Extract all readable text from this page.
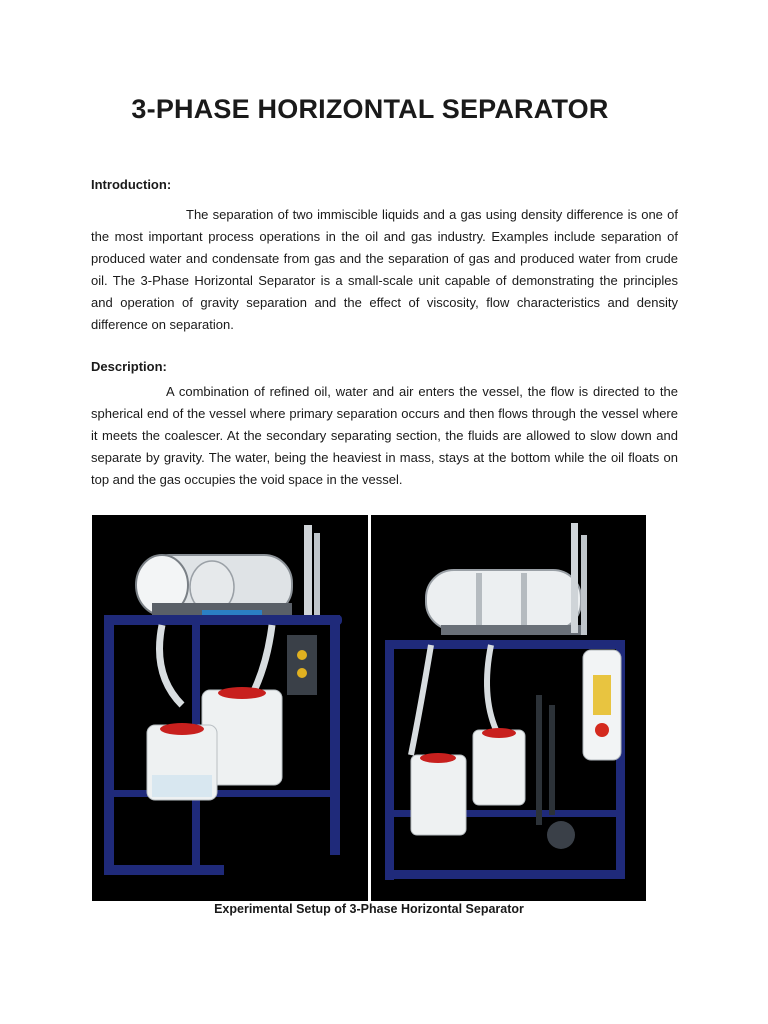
3-PHASE HORIZONTAL SEPARATOR
Introduction:

The separation of two immiscible liquids and a gas using density difference is one of the most important process operations in the oil and gas industry. Examples include separation of produced water and condensate from gas and the separation of gas and produced water from crude oil. The 3-Phase Horizontal Separator is a small-scale unit capable of demonstrating the principles and operation of gravity separation and the effect of viscosity, flow characteristics and density difference on separation.

Description:

A combination of refined oil, water and air enters the vessel, the flow is directed to the spherical end of the vessel where primary separation occurs and then flows through the vessel where it meets the coalescer. At the secondary separating section, the fluids are allowed to slow down and separate by gravity. The water, being the heaviest in mass, stays at the bottom while the oil floats on top and the gas occupies the void space in the vessel.

Experimental Setup of 3-Phase Horizontal Separator
